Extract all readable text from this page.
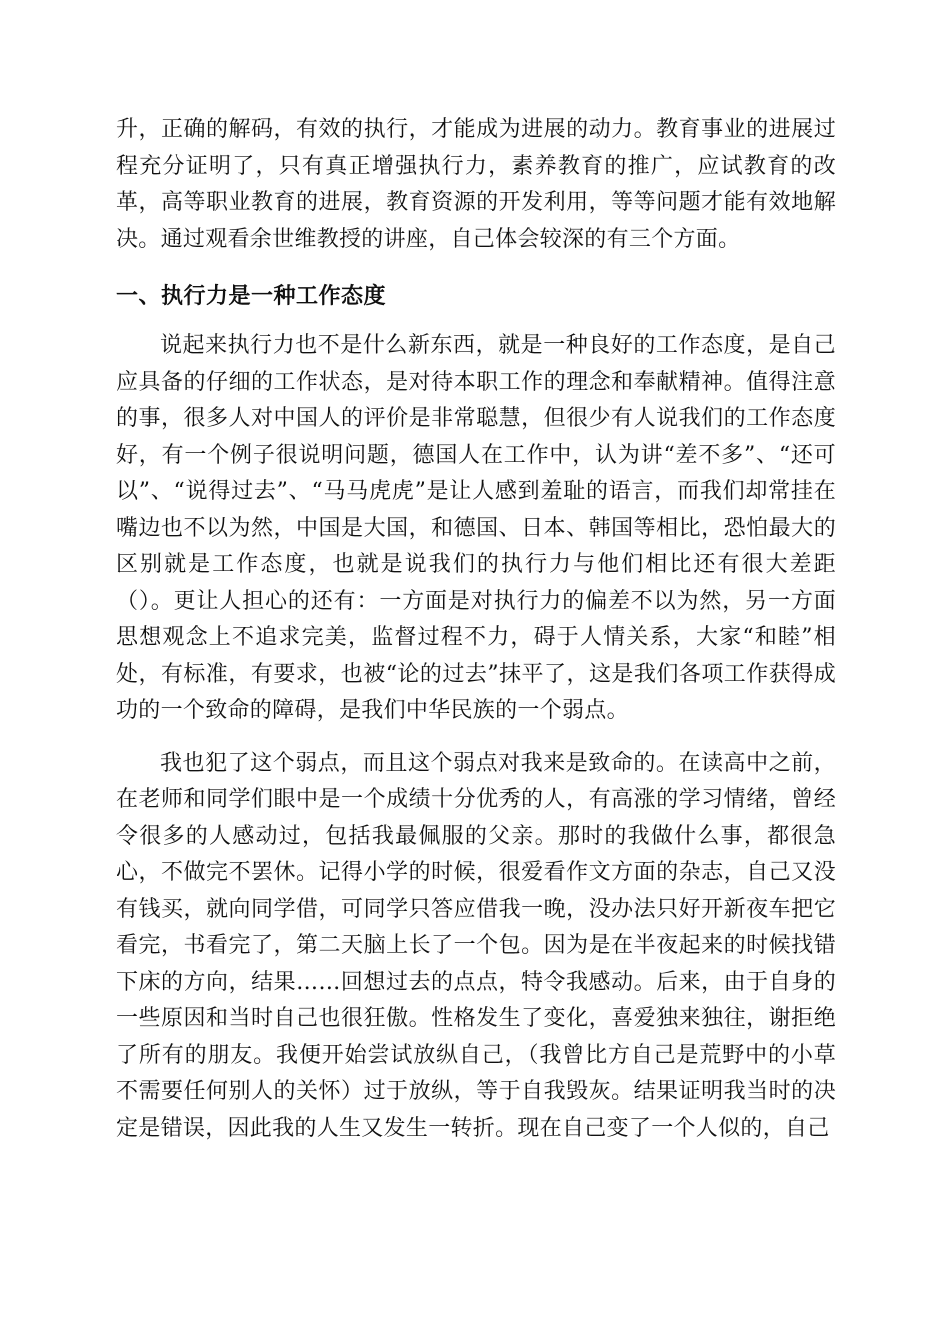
升，正确的解码，有效的执行，才能成为进展的动力。教育事业的进展过程充分证明了，只有真正增强执行力，素养教育的推广，应试教育的改革，高等职业教育的进展，教育资源的开发利用，等等问题才能有效地解决。通过观看余世维教授的讲座，自己体会较深的有三个方面。

一、执行力是一种工作态度

说起来执行力也不是什么新东西，就是一种良好的工作态度，是自己应具备的仔细的工作状态，是对待本职工作的理念和奉献精神。值得注意的事，很多人对中国人的评价是非常聪慧，但很少有人说我们的工作态度好，有一个例子很说明问题，德国人在工作中，认为讲“差不多”、“还可以”、“说得过去”、“马马虎虎”是让人感到羞耻的语言，而我们却常挂在嘴边也不以为然，中国是大国，和德国、日本、韩国等相比，恐怕最大的区别就是工作态度，也就是说我们的执行力与他们相比还有很大差距（）。更让人担心的还有：一方面是对执行力的偏差不以为然，另一方面思想观念上不追求完美，监督过程不力，碍于人情关系，大家“和睦”相处，有标准，有要求，也被“论的过去”抹平了，这是我们各项工作获得成功的一个致命的障碍，是我们中华民族的一个弱点。

我也犯了这个弱点，而且这个弱点对我来是致命的。在读高中之前，在老师和同学们眼中是一个成绩十分优秀的人，有高涨的学习情绪，曾经令很多的人感动过，包括我最佩服的父亲。那时的我做什么事，都很急心，不做完不罢休。记得小学的时候，很爱看作文方面的杂志，自己又没有钱买，就向同学借，可同学只答应借我一晚，没办法只好开新夜车把它看完，书看完了，第二天脑上长了一个包。因为是在半夜起来的时候找错下床的方向，结果……回想过去的点点，特令我感动。后来，由于自身的一些原因和当时自己也很狂傲。性格发生了变化，喜爱独来独往，谢拒绝了所有的朋友。我便开始尝试放纵自己，（我曾比方自己是荒野中的小草不需要任何别人的关怀）过于放纵，等于自我毁灰。结果证明我当时的决定是错误，因此我的人生又发生一转折。现在自己变了一个人似的，自己
